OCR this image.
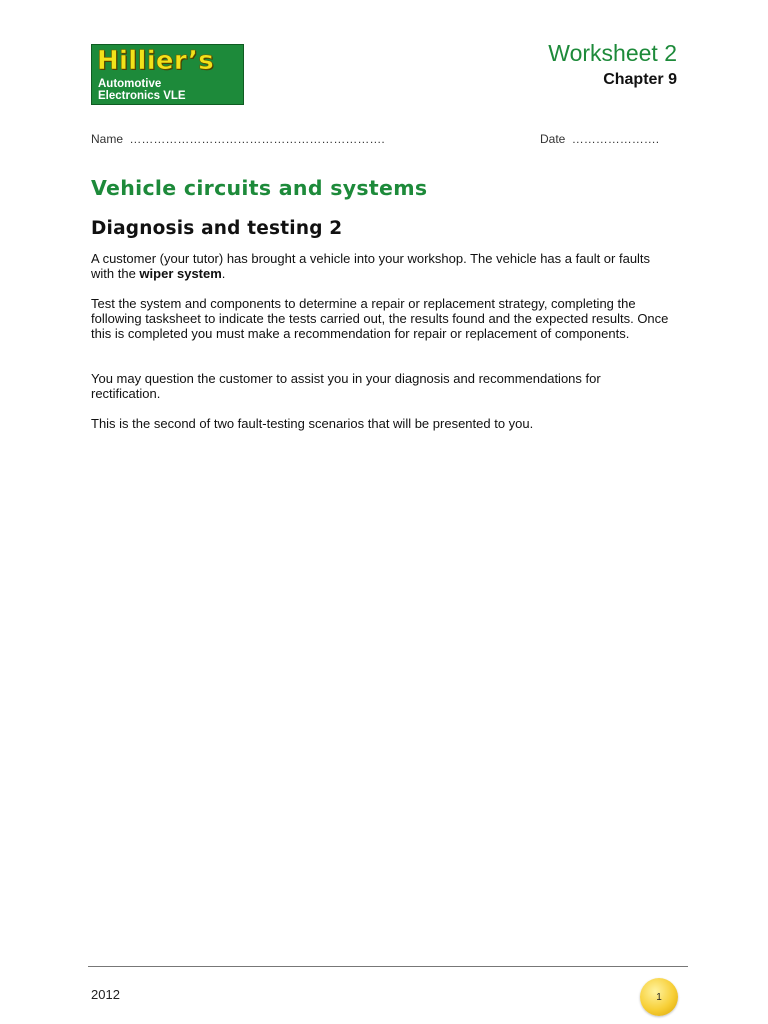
Hillier’s
Automotive
Electronics VLE
Worksheet 2
Chapter 9
Name ……………………………………………………….	Date ………………….
Vehicle circuits and systems
Diagnosis and testing 2

A customer (your tutor) has brought a vehicle into your workshop. The vehicle has a fault or faults with the wiper system.

Test the system and components to determine a repair or replacement strategy, completing the following tasksheet to indicate the tests carried out, the results found and the expected results. Once this is completed you must make a recommendation for repair or replacement of components.

You may question the customer to assist you in your diagnosis and recommendations for rectification.

This is the second of two fault-testing scenarios that will be presented to you.

2012	1
